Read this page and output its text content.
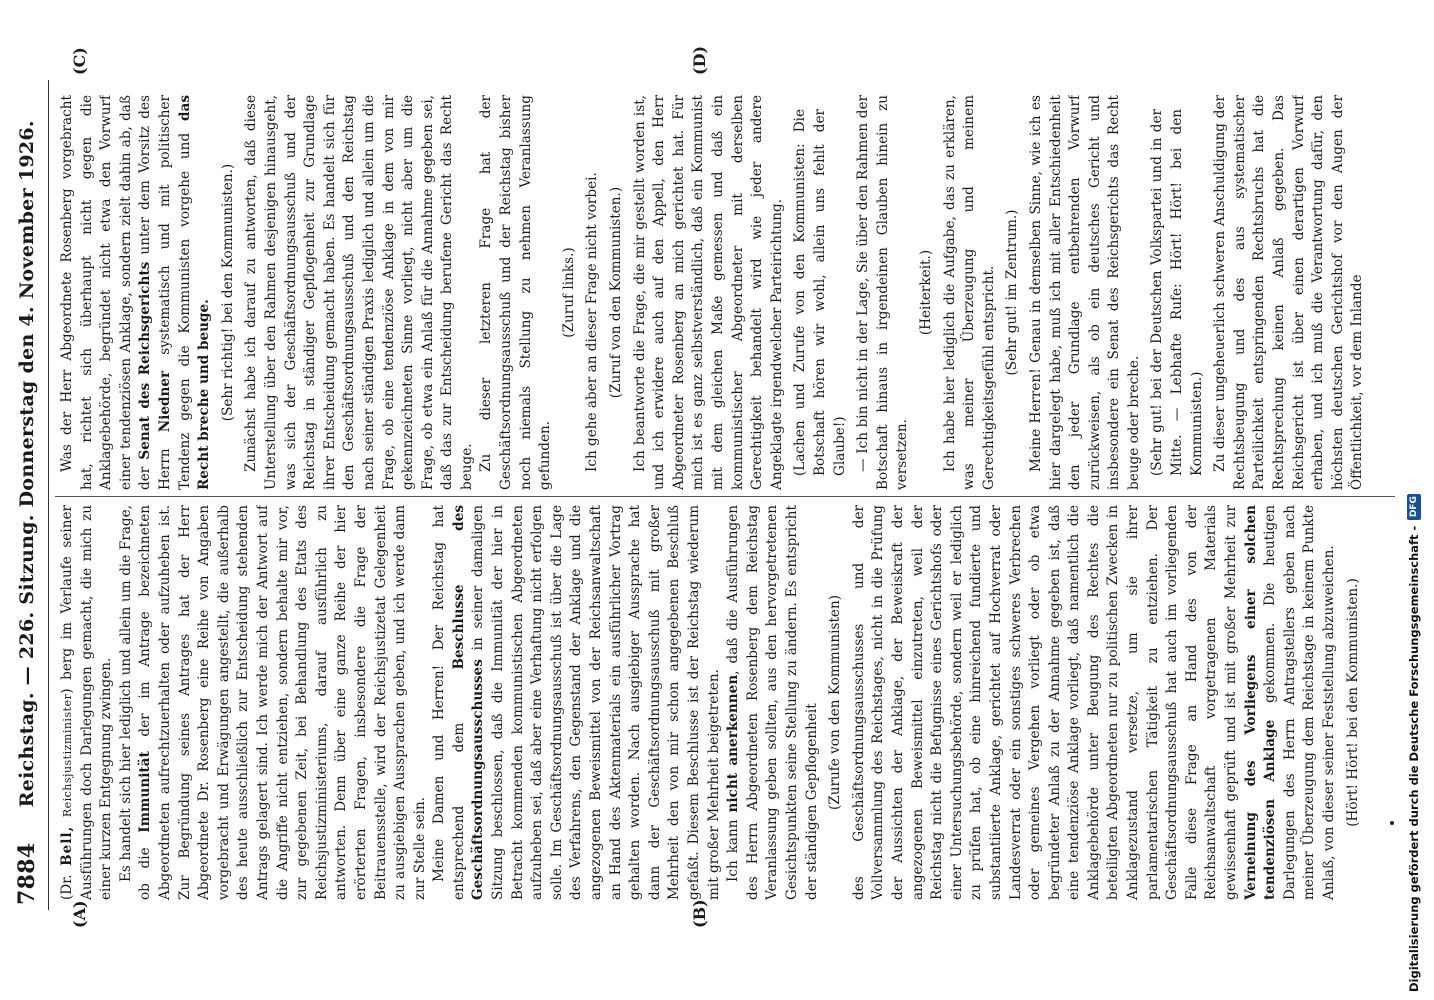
7884
Reichstag. — 226. Sitzung. Donnerstag den 4. November 1926.
(A)	(B)
(C)	(D)

(Dr. Bell, Reichsjustizminister) berg im Verlaufe seiner Ausführungen doch Darlegungen gemacht, die mich zu einer kurzen Entgegnung zwingen. Es handelt sich hier lediglich und allein um die Frage, ob die Immunität der im Antrage bezeichneten Abgeordneten aufrechtzuerhalten oder aufzuheben ist. Zur Begründung seines Antrages hat der Herr Abgeordnete Dr. Rosenberg eine Reihe von Angaben vorgebracht und Erwägungen angestellt, die außerhalb des heute ausschließlich zur Entscheidung stehenden Antrags gelagert sind. Ich werde mich der Antwort auf die Angriffe nicht entziehen, sondern behalte mir vor, zur gegebenen Zeit, bei Behandlung des Etats des Reichsjustizministeriums, darauf ausführlich zu antworten. Denn über eine ganze Reihe der hier erörterten Fragen, insbesondere die Frage der Beitrauensstelle, wird der Reichsjustizetat Gelegenheit zu ausgiebigen Aussprachen geben, und ich werde dann zur Stelle sein. Meine Damen und Herren! Der Reichstag hat entsprechend dem Beschlusse des Geschäftsordnungsausschusses in seiner damaligen Sitzung beschlossen, daß die Immunität der hier in Betracht kommenden kommunistischen Abgeordneten aufzuheben sei, daß aber eine Verhaftung nicht erfolgen solle. Im Geschäftsordnungsausschuß ist über die Lage des Verfahrens, den Gegenstand der Anklage und die angezogenen Beweismittel von der Reichsanwaltschaft an Hand des Aktenmaterials ein ausführlicher Vortrag gehalten worden. Nach ausgiebiger Aussprache hat dann der Geschäftsordnungsausschuß mit großer Mehrheit den von mir schon angegebenen Beschluß gefaßt. Diesem Beschlusse ist der Reichstag wiederum mit großer Mehrheit beigetreten. Ich kann nicht anerkennen, daß die Ausführungen des Herrn Abgeordneten Rosenberg dem Reichstag Veranlassung geben sollten, aus den hervorgetretenen Gesichtspunkten seine Stellung zu ändern. Es entspricht der ständigen Gepflogenheit (Zurufe von den Kommunisten) des Geschäftsordnungsausschusses und der Vollversammlung des Reichstages, nicht in die Prüfung der Aussichten der Anklage, der Beweiskraft der angezogenen Beweismittel einzutreten, weil der Reichstag nicht die Befugnisse eines Gerichtshofs oder einer Untersuchungsbehörde, sondern weil er lediglich zu prüfen hat, ob eine hinreichend fundierte und substantiierte Anklage, gerichtet auf Hochverrat oder Landesverrat oder ein sonstiges schweres Verbrechen oder gemeines Vergehen vorliegt oder ob etwa begründeter Anlaß zu der Annahme gegeben ist, daß eine tendenziöse Anklage vorliegt, daß namentlich die Anklagebehörde unter Beugung des Rechtes die beteiligten Abgeordneten nur zu politischen Zwecken in Anklagezustand versetze, um sie ihrer parlamentarischen Tätigkeit zu entziehen. Der Geschäftsordnungsausschuß hat auch im vorliegenden Falle diese Frage an Hand des von der Reichsanwaltschaft vorgetragenen Materials gewissenhaft geprüft und ist mit großer Mehrheit zur Verneinung des Vorliegens einer solchen tendenziösen Anklage gekommen. Die heutigen Darlegungen des Herrn Antragstellers geben nach meiner Überzeugung dem Reichstage in keinem Punkte Anlaß, von dieser seiner Feststellung abzuweichen. (Hört! Hört! bei den Kommunisten.)

Was der Herr Abgeordnete Rosenberg vorgebracht hat, richtet sich überhaupt nicht gegen die Anklagebehörde, begründet nicht etwa den Vorwurf einer tendenziösen Anklage, sondern zielt dahin ab, daß der Senat des Reichsgerichts unter dem Vorsitz des Herrn Niedner systematisch und mit politischer Tendenz gegen die Kommunisten vorgehe und das Recht breche und beuge. (Sehr richtig! bei den Kommunisten.) Zunächst habe ich darauf zu antworten, daß diese Unterstellung über den Rahmen desjenigen hinausgeht, was sich der Geschäftsordnungsausschuß und der Reichstag in ständiger Gepflogenheit zur Grundlage ihrer Entscheidung gemacht haben. Es handelt sich für den Geschäftsordnungsausschuß und den Reichstag nach seiner ständigen Praxis lediglich und allein um die Frage, ob eine tendenziöse Anklage in dem von mir gekennzeichneten Sinne vorliegt, nicht aber um die Frage, ob etwa ein Anlaß für die Annahme gegeben sei, daß das zur Entscheidung berufene Gericht das Recht beuge. Zu dieser letzteren Frage hat der Geschäftsordnungsausschuß und der Reichstag bisher noch niemals Stellung zu nehmen Veranlassung gefunden.

(Zuruf links.) Ich gehe aber an dieser Frage nicht vorbei. (Zuruf von den Kommunisten.) Ich beantworte die Frage, die mir gestellt worden ist, und ich erwidere auch auf den Appell, den Herr Abgeordneter Rosenberg an mich gerichtet hat. Für mich ist es ganz selbstverständlich, daß ein Kommunist mit dem gleichen Maße gemessen und daß ein kommunistischer Abgeordneter mit derselben Gerechtigkeit behandelt wird wie jeder andere Angeklagte irgendwelcher Parteirichtung. (Lachen und Zurufe von den Kommunisten: Die Botschaft hören wir wohl, allein uns fehlt der Glaube!) — Ich bin nicht in der Lage, Sie über den Rahmen der Botschaft hinaus in irgendeinen Glauben hinein zu versetzen.

(Heiterkeit.) Ich habe hier lediglich die Aufgabe, das zu erklären, was meiner Überzeugung und meinem Gerechtigkeitsgefühl entspricht. (Sehr gut! im Zentrum.) Meine Herren! Genau in demselben Sinne, wie ich es hier dargelegt habe, muß ich mit aller Entschiedenheit den jeder Grundlage entbehrenden Vorwurf zurückweisen, als ob ein deutsches Gericht und insbesondere ein Senat des Reichsgerichts das Recht beuge oder breche. (Sehr gut! bei der Deutschen Volkspartei und in der Mitte. — Lebhafte Rufe: Hört! Hört! bei den Kommunisten.) Zu dieser ungeheuerlich schweren Anschuldigung der Rechtsbeugung und des aus systematischer Parteilichkeit entspringenden Rechtsbruchs hat die Rechtsprechung keinen Anlaß gegeben. Das Reichsgericht ist über einen derartigen Vorwurf erhaben, und ich muß die Verantwortung dafür, den höchsten deutschen Gerichtshof vor den Augen der Öffentlichkeit, vor dem Inlande

Digitalisierung gefördert durch die Deutsche Forschungsgemeinschaft -
DFG
